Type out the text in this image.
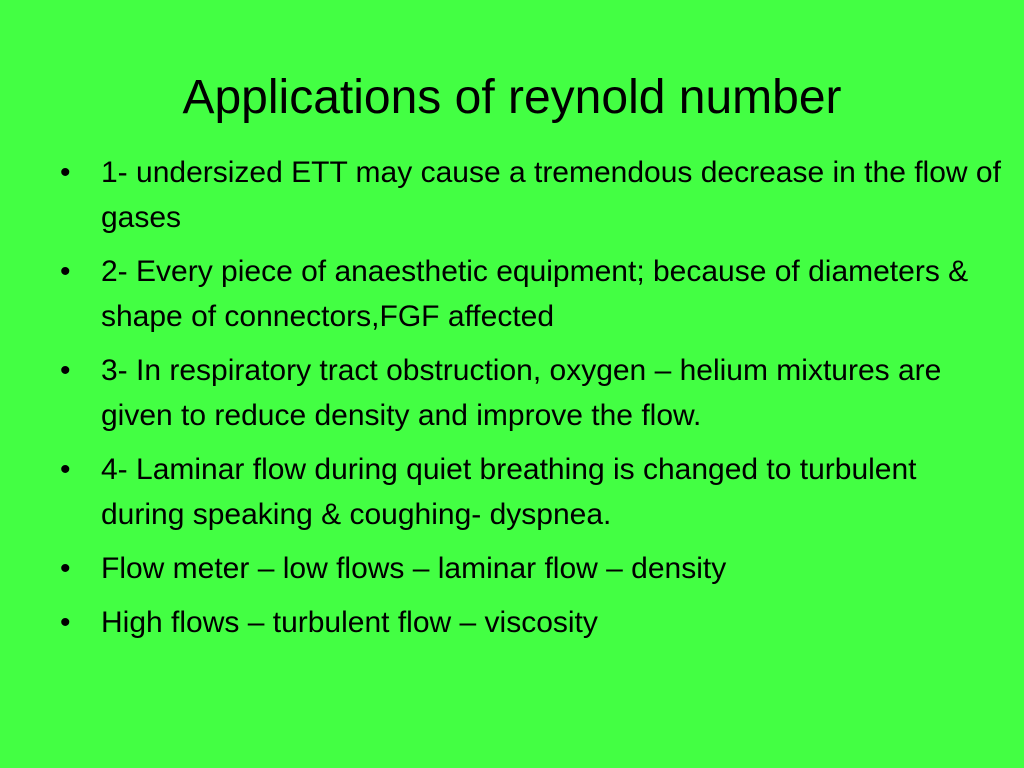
Applications of reynold number
• 1- undersized ETT may cause a tremendous decrease in the flow of gases
• 2- Every piece of anaesthetic equipment; because of diameters & shape of connectors,FGF affected
• 3- In respiratory tract obstruction, oxygen – helium mixtures are given to reduce density and improve the flow.
• 4- Laminar flow during quiet breathing is changed to turbulent during speaking & coughing- dyspnea.
• Flow meter – low flows – laminar flow – density
• High flows – turbulent flow – viscosity
